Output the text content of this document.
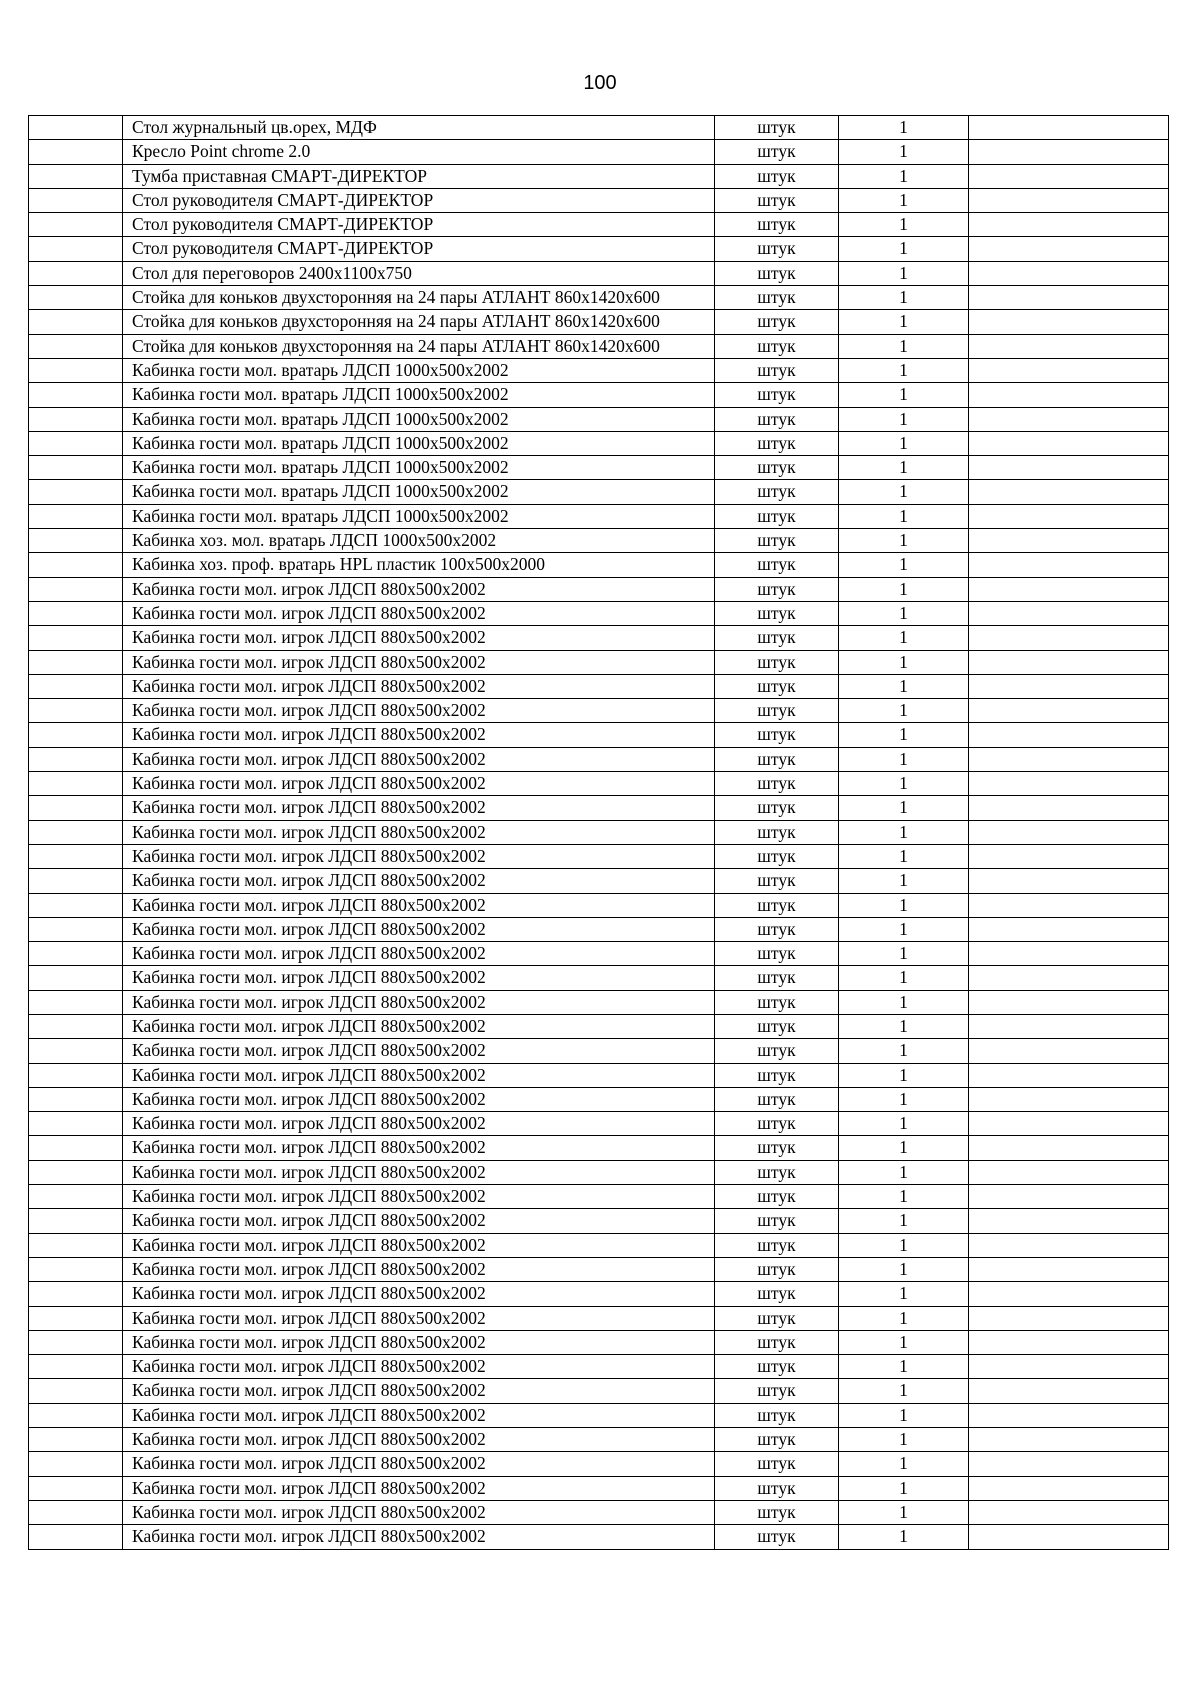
100
	Стол журнальный цв.орех, МДФ	штук	1	
	Кресло Point chrome 2.0	штук	1	
	Тумба приставная СМАРТ-ДИРЕКТОР	штук	1	
	Стол руководителя СМАРТ-ДИРЕКТОР	штук	1	
	Стол руководителя СМАРТ-ДИРЕКТОР	штук	1	
	Стол руководителя СМАРТ-ДИРЕКТОР	штук	1	
	Стол для переговоров 2400х1100х750	штук	1	
	Стойка для коньков двухсторонняя на 24 пары АТЛАНТ 860х1420х600	штук	1	
	Стойка для коньков двухсторонняя на 24 пары АТЛАНТ 860х1420х600	штук	1	
	Стойка для коньков двухсторонняя на 24 пары АТЛАНТ 860х1420х600	штук	1	
	Кабинка гости мол. вратарь ЛДСП 1000х500х2002	штук	1	
	Кабинка гости мол. вратарь ЛДСП 1000х500х2002	штук	1	
	Кабинка гости мол. вратарь ЛДСП 1000х500х2002	штук	1	
	Кабинка гости мол. вратарь ЛДСП 1000х500х2002	штук	1	
	Кабинка гости мол. вратарь ЛДСП 1000х500х2002	штук	1	
	Кабинка гости мол. вратарь ЛДСП 1000х500х2002	штук	1	
	Кабинка гости мол. вратарь ЛДСП 1000х500х2002	штук	1	
	Кабинка хоз. мол. вратарь ЛДСП 1000х500х2002	штук	1	
	Кабинка хоз. проф. вратарь HPL пластик 100х500х2000	штук	1	
	Кабинка гости мол. игрок ЛДСП 880х500х2002	штук	1	
	Кабинка гости мол. игрок ЛДСП 880х500х2002	штук	1	
	Кабинка гости мол. игрок ЛДСП 880х500х2002	штук	1	
	Кабинка гости мол. игрок ЛДСП 880х500х2002	штук	1	
	Кабинка гости мол. игрок ЛДСП 880х500х2002	штук	1	
	Кабинка гости мол. игрок ЛДСП 880х500х2002	штук	1	
	Кабинка гости мол. игрок ЛДСП 880х500х2002	штук	1	
	Кабинка гости мол. игрок ЛДСП 880х500х2002	штук	1	
	Кабинка гости мол. игрок ЛДСП 880х500х2002	штук	1	
	Кабинка гости мол. игрок ЛДСП 880х500х2002	штук	1	
	Кабинка гости мол. игрок ЛДСП 880х500х2002	штук	1	
	Кабинка гости мол. игрок ЛДСП 880х500х2002	штук	1	
	Кабинка гости мол. игрок ЛДСП 880х500х2002	штук	1	
	Кабинка гости мол. игрок ЛДСП 880х500х2002	штук	1	
	Кабинка гости мол. игрок ЛДСП 880х500х2002	штук	1	
	Кабинка гости мол. игрок ЛДСП 880х500х2002	штук	1	
	Кабинка гости мол. игрок ЛДСП 880х500х2002	штук	1	
	Кабинка гости мол. игрок ЛДСП 880х500х2002	штук	1	
	Кабинка гости мол. игрок ЛДСП 880х500х2002	штук	1	
	Кабинка гости мол. игрок ЛДСП 880х500х2002	штук	1	
	Кабинка гости мол. игрок ЛДСП 880х500х2002	штук	1	
	Кабинка гости мол. игрок ЛДСП 880х500х2002	штук	1	
	Кабинка гости мол. игрок ЛДСП 880х500х2002	штук	1	
	Кабинка гости мол. игрок ЛДСП 880х500х2002	штук	1	
	Кабинка гости мол. игрок ЛДСП 880х500х2002	штук	1	
	Кабинка гости мол. игрок ЛДСП 880х500х2002	штук	1	
	Кабинка гости мол. игрок ЛДСП 880х500х2002	штук	1	
	Кабинка гости мол. игрок ЛДСП 880х500х2002	штук	1	
	Кабинка гости мол. игрок ЛДСП 880х500х2002	штук	1	
	Кабинка гости мол. игрок ЛДСП 880х500х2002	штук	1	
	Кабинка гости мол. игрок ЛДСП 880х500х2002	штук	1	
	Кабинка гости мол. игрок ЛДСП 880х500х2002	штук	1	
	Кабинка гости мол. игрок ЛДСП 880х500х2002	штук	1	
	Кабинка гости мол. игрок ЛДСП 880х500х2002	штук	1	
	Кабинка гости мол. игрок ЛДСП 880х500х2002	штук	1	
	Кабинка гости мол. игрок ЛДСП 880х500х2002	штук	1	
	Кабинка гости мол. игрок ЛДСП 880х500х2002	штук	1	
	Кабинка гости мол. игрок ЛДСП 880х500х2002	штук	1	
	Кабинка гости мол. игрок ЛДСП 880х500х2002	штук	1	
	Кабинка гости мол. игрок ЛДСП 880х500х2002	штук	1	
